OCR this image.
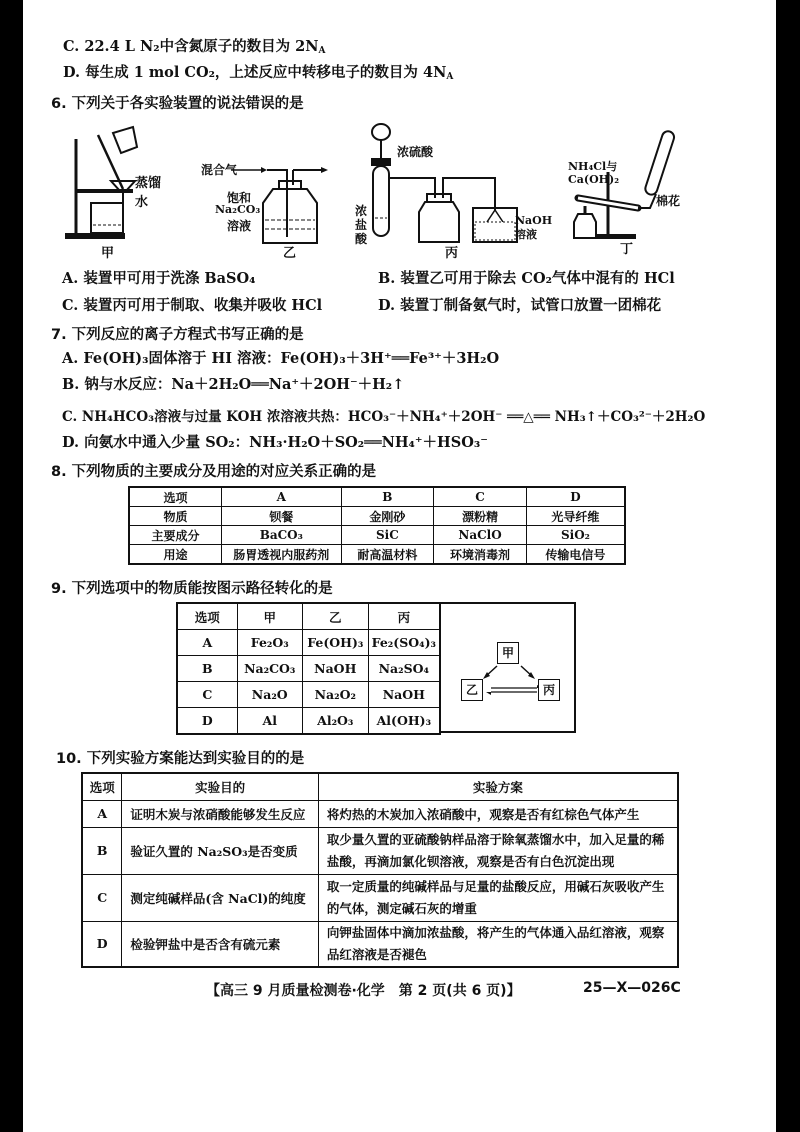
C. 22.4 L N₂中含氮原子的数目为 $2N_A$
D. 每生成 1 mol CO₂，上述反应中转移电子的数目为 $4N_A$
6. 下列关于各实验装置的说法错误的是
蒸馏水
甲
混合气
饱和
Na₂CO₃
溶液
乙
浓硫酸
浓
盐
酸
NaOH
溶液
丙
NH₄Cl与
Ca(OH)₂
棉花
丁
A. 装置甲可用于洗涤 BaSO₄	B. 装置乙可用于除去 CO₂气体中混有的 HCl
C. 装置丙可用于制取、收集并吸收 HCl	D. 装置丁制备氨气时，试管口放置一团棉花
7. 下列反应的离子方程式书写正确的是
A. Fe(OH)₃固体溶于 HI 溶液：Fe(OH)₃＋3H⁺══Fe³⁺＋3H₂O
B. 钠与水反应：Na＋2H₂O══Na⁺＋2OH⁻＋H₂↑
C. NH₄HCO₃溶液与过量 KOH 浓溶液共热：HCO₃⁻＋NH₄⁺＋2OH⁻ ══△══ NH₃↑＋CO₃²⁻＋2H₂O
D. 向氨水中通入少量 SO₂：NH₃·H₂O＋SO₂══NH₄⁺＋HSO₃⁻
8. 下列物质的主要成分及用途的对应关系正确的是
选项	A	B	C	D
物质	钡餐	金刚砂	漂粉精	光导纤维
主要成分	BaCO₃	SiC	NaClO	SiO₂
用途	肠胃透视内服药剂	耐高温材料	环境消毒剂	传输电信号
9. 下列选项中的物质能按图示路径转化的是
选项	甲	乙	丙
A	Fe₂O₃	Fe(OH)₃	Fe₂(SO₄)₃
B	Na₂CO₃	NaOH	Na₂SO₄
C	Na₂O	Na₂O₂	NaOH
D	Al	Al₂O₃	Al(OH)₃
甲
乙	丙
10. 下列实验方案能达到实验目的的是
选项	实验目的	实验方案
A	证明木炭与浓硝酸能够发生反应	将灼热的木炭加入浓硝酸中，观察是否有红棕色气体产生
B	验证久置的 Na₂SO₃是否变质	取少量久置的亚硫酸钠样品溶于除氧蒸馏水中，加入足量的稀盐酸，再滴加氯化钡溶液，观察是否有白色沉淀出现
C	测定纯碱样品(含 NaCl)的纯度	取一定质量的纯碱样品与足量的盐酸反应，用碱石灰吸收产生的气体，测定碱石灰的增重
D	检验钾盐中是否含有硫元素	向钾盐固体中滴加浓盐酸，将产生的气体通入品红溶液，观察品红溶液是否褪色
【高三 9 月质量检测卷·化学　第 2 页(共 6 页)】	25—X—026C
